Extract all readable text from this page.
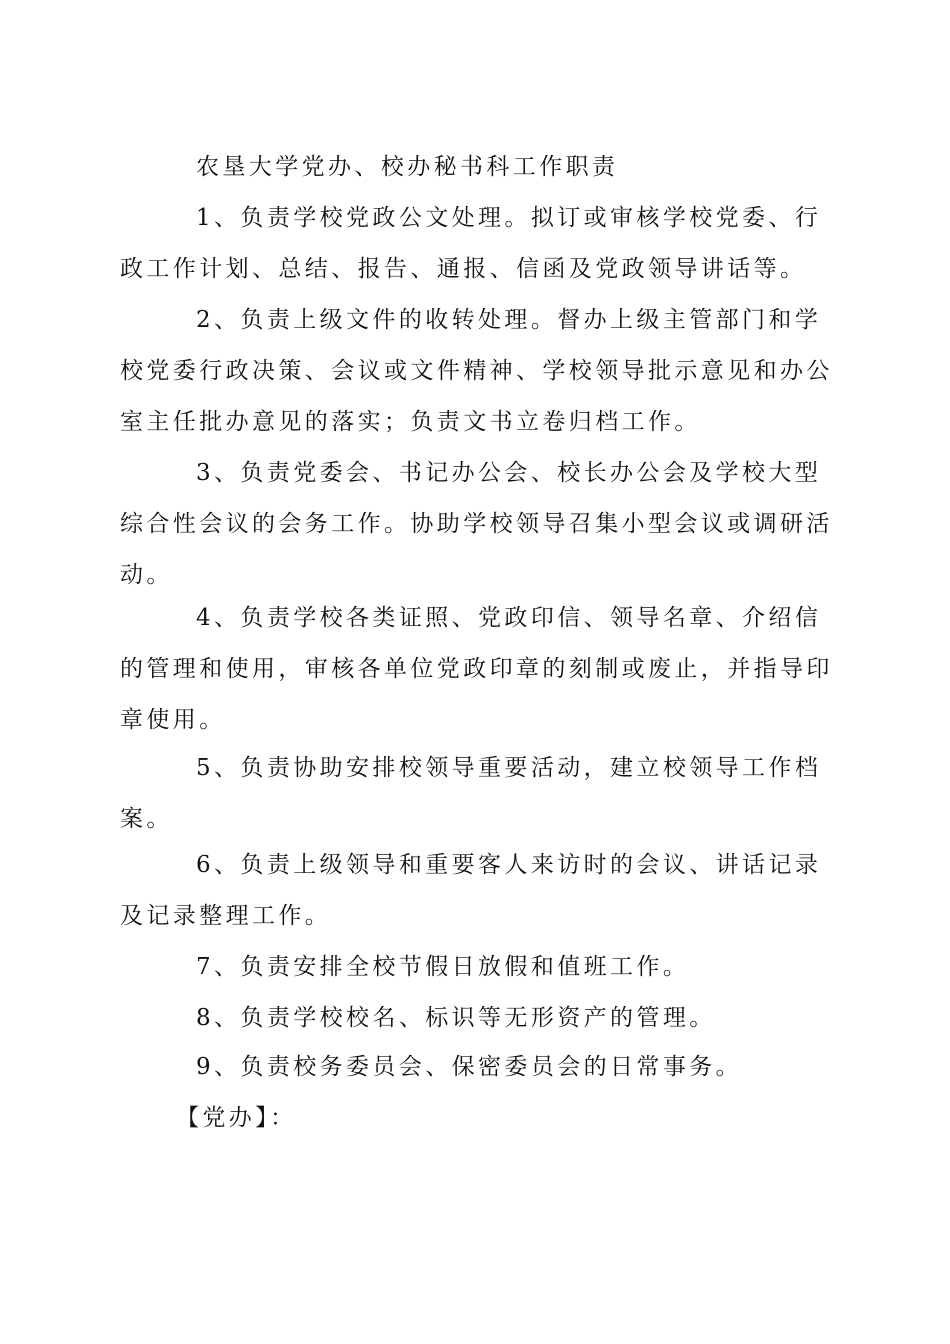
农垦大学党办、校办秘书科工作职责

1、负责学校党政公文处理。拟订或审核学校党委、行政工作计划、总结、报告、通报、信函及党政领导讲话等。

2、负责上级文件的收转处理。督办上级主管部门和学校党委行政决策、会议或文件精神、学校领导批示意见和办公室主任批办意见的落实；负责文书立卷归档工作。

3、负责党委会、书记办公会、校长办公会及学校大型综合性会议的会务工作。协助学校领导召集小型会议或调研活动。

4、负责学校各类证照、党政印信、领导名章、介绍信的管理和使用，审核各单位党政印章的刻制或废止，并指导印章使用。

5、负责协助安排校领导重要活动，建立校领导工作档案。

6、负责上级领导和重要客人来访时的会议、讲话记录及记录整理工作。

7、负责安排全校节假日放假和值班工作。

8、负责学校校名、标识等无形资产的管理。

9、负责校务委员会、保密委员会的日常事务。

【党办】：
